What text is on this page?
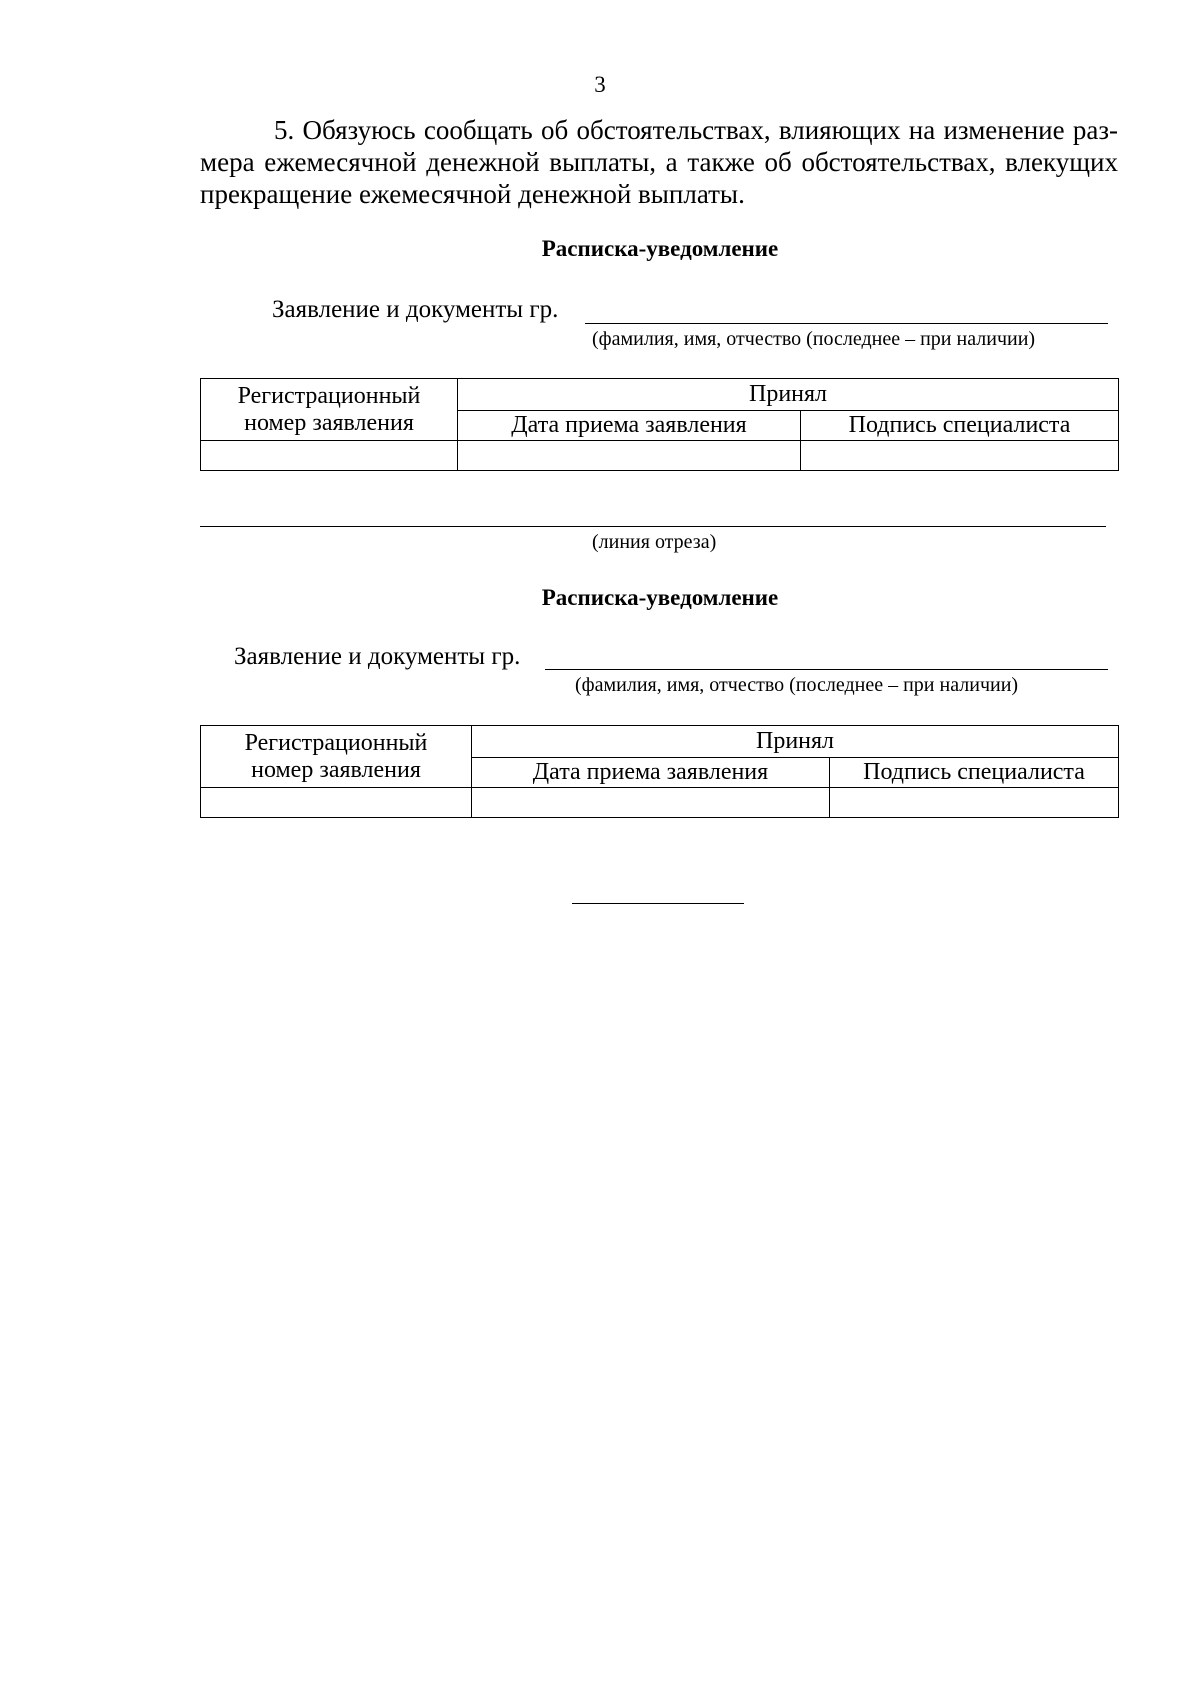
3
5. Обязуюсь сообщать об обстоятельствах, влияющих на изменение раз-
мера ежемесячной денежной выплаты, а также об обстоятельствах, влекущих
прекращение ежемесячной денежной выплаты.
Расписка-уведомление
Заявление и документы гр.
(фамилия, имя, отчество (последнее – при наличии)
Регистрационный
номер заявления	Принял	
	Дата приема заявления	Подпись специалиста

(линия отреза)
Расписка-уведомление
Заявление и документы гр.
(фамилия, имя, отчество (последнее – при наличии)
Регистрационный
номер заявления	Принял	
	Дата приема заявления	Подпись специалиста
